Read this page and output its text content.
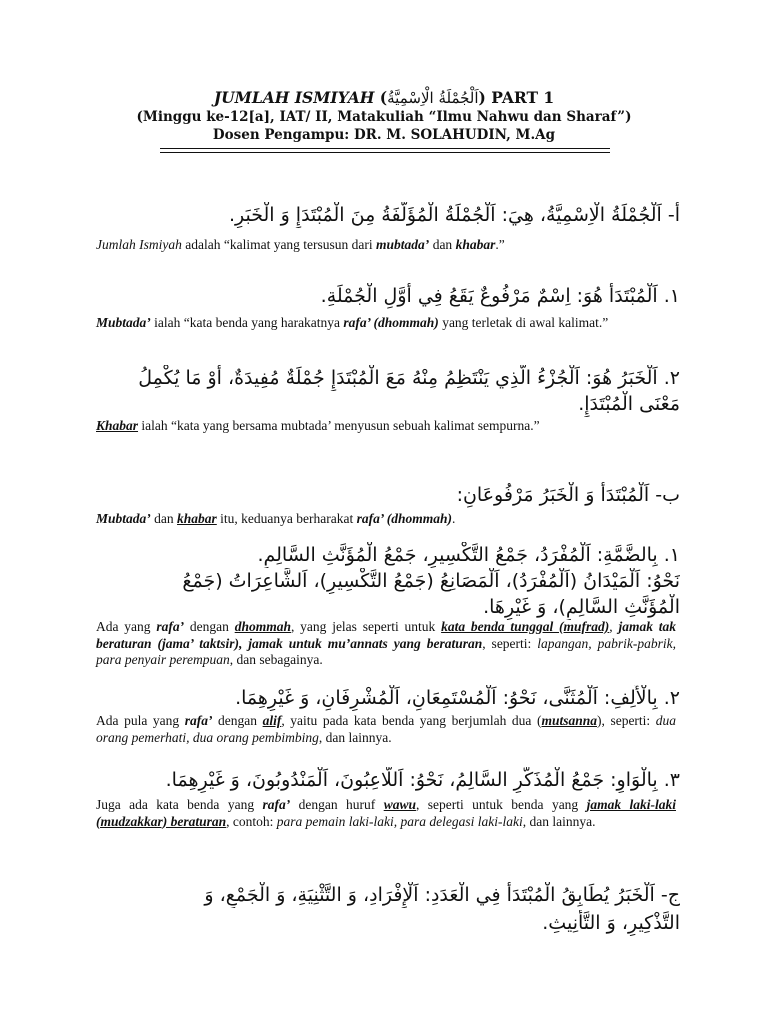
JUMLAH ISMIYAH (اَلْجُمْلَةُ الْاِسْمِيَّةُ) PART 1
(Minggu ke-12[a], IAT/ II, Matakuliah “Ilmu Nahwu dan Sharaf”)
Dosen Pengampu: DR. M. SOLAHUDIN, M.Ag
أ- اَلْجُمْلَةُ الْاِسْمِيَّةُ، هِيَ: اَلْجُمْلَةُ الْمُؤَلَّفَةُ مِنَ الْمُبْتَدَإِ وَ الْخَبَرِ.
Jumlah Ismiyah adalah “kalimat yang tersusun dari mubtada’ dan khabar.”
١. اَلْمُبْتَدَأُ هُوَ: اِسْمٌ مَرْفُوعٌ يَقَعُ فِي أَوَّلِ الْجُمْلَةِ.
Mubtada’ ialah “kata benda yang harakatnya rafa’ (dhommah) yang terletak di awal kalimat.”
٢. اَلْخَبَرُ هُوَ: اَلْجُزْءُ الَّذِي يَنْتَظِمُ مِنْهُ مَعَ الْمُبْتَدَإِ جُمْلَةٌ مُفِيدَةٌ، أَوْ مَا يُكْمِلُ
مَعْنَى الْمُبْتَدَإِ.
Khabar ialah “kata yang bersama mubtada’ menyusun sebuah kalimat sempurna.”
ب- اَلْمُبْتَدَأُ وَ الْخَبَرُ مَرْفُوعَانِ:
Mubtada’ dan khabar itu, keduanya berharakat rafa’ (dhommah).
١. بِالضَّمَّةِ: اَلْمُفْرَدُ، جَمْعُ التَّكْسِيرِ، جَمْعُ الْمُؤَنَّثِ السَّالِمِ.
نَحْوُ: اَلْمَيْدَانُ (اَلْمُفْرَدُ)، اَلْمَصَانِعُ (جَمْعُ التَّكْسِيرِ)، اَلشَّاعِرَاتُ (جَمْعُ
الْمُؤَنَّثِ السَّالِمِ)، وَ غَيْرِهَا.
Ada yang rafa’ dengan dhommah, yang jelas seperti untuk kata benda tunggal (mufrad), jamak tak beraturan (jama’ taktsir), jamak untuk mu’annats yang beraturan, seperti: lapangan, pabrik-pabrik, para penyair perempuan, dan sebagainya.
٢. بِالْأَلِفِ: اَلْمُثَنَّى، نَحْوُ: اَلْمُسْتَمِعَانِ، اَلْمُشْرِفَانِ، وَ غَيْرِهِمَا.
Ada pula yang rafa’ dengan alif, yaitu pada kata benda yang berjumlah dua (mutsanna), seperti: dua orang pemerhati, dua orang pembimbing, dan lainnya.
٣. بِالْوَاوِ: جَمْعُ الْمُذَكَّرِ السَّالِمُ، نَحْوُ: اَللَّاعِبُونَ، اَلْمَنْدُوبُونَ، وَ غَيْرِهِمَا.
Juga ada kata benda yang rafa’ dengan huruf wawu, seperti untuk benda yang jamak laki-laki (mudzakkar) beraturan, contoh: para pemain laki-laki, para delegasi laki-laki, dan lainnya.
ج- اَلْخَبَرُ يُطَابِقُ الْمُبْتَدَأَ فِي الْعَدَدِ: اَلْإِفْرَادِ، وَ التَّثْنِيَةِ، وَ الْجَمْعِ، وَ
التَّذْكِيرِ، وَ التَّأْنِيثِ.
